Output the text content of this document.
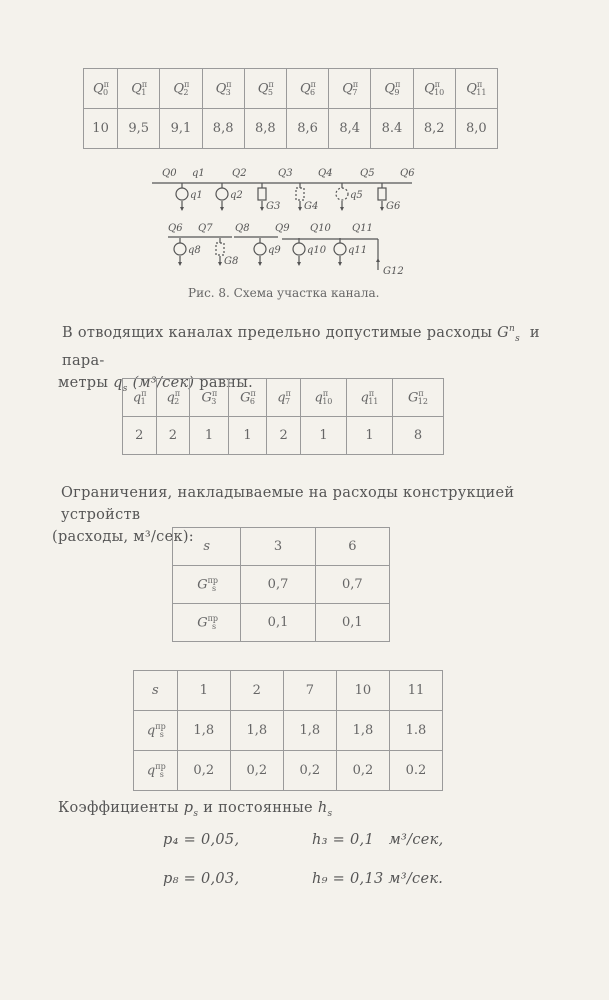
$Q^п_0$	$Q^п_1$	$Q^п_2$	$Q^п_3$	$Q^п_5$	$Q^п_6$	$Q^п_7$	$Q^п_9$	$Q^п_{10}$	$Q^п_{11}$
10	9,5	9,1	8,8	8,8	8,6	8,4	8.4	8,2	8,0
Q0 q1	Q2	Q3	Q4	Q5	Q6
q1	q2
G3 G4
q5
G6
Q6 Q7 Q8	Q9 Q10 Q11
q8
G8
q9	q10 q11
G12
Рис. 8. Схема участка канала.
В отводящих каналах предельно допустимые расходы $G^п_s$ и пара-
метры $q_s$ (м³/сек) равны.
$q^п_1$	$q^п_2$	$G^п_3$	$G^п_6$	$q^п_7$	$q^п_{10}$	$q^п_{11}$	$G^п_{12}$
2	2	1	1	2	1	1	8
Ограничения, накладываемые на расходы конструкцией устройств
(расходы, м³/сек):
s	3	6
$G^{пр}_s$	0,7	0,7
$G^{пр}_s$	0,1	0,1
s	1	2	7	10	11
$q^{пр}_s$	1,8	1,8	1,8	1,8	1.8
$q^{пр}_s$	0,2	0,2	0,2	0,2	0.2
Коэффициенты $p_s$ и постоянные $h_s$
p₄ = 0,05,	h₃ = 0,1   м³/сек,
p₈ = 0,03,	h₉ = 0,13 м³/сек.
